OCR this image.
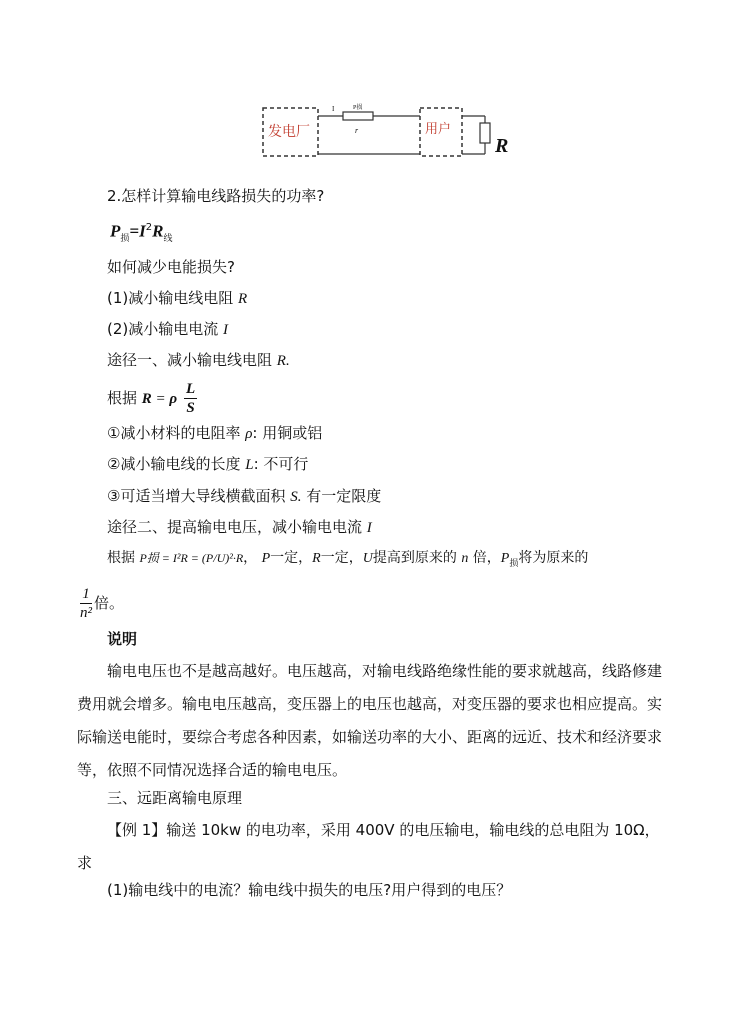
发电厂	用户
I	P损
r
R
2.怎样计算输电线路损失的功率?
$P_损=I^2R_线$
如何减少电能损失?
(1)减小输电线电阻 R
(2)减小输电电流 I
途径一、减小输电线电阻 R.
根据 R = ρ $\frac{L}{S}$
①减小材料的电阻率 ρ: 用铜或铝
②减小输电线的长度 L: 不可行
③可适当增大导线横截面积 S. 有一定限度
途径二、提高输电电压，减小输电电流 I
根据 P损 = I²R = (P/U)²·R， P一定，R一定，U提高到原来的 n 倍，$P_损$将为原来的
$\frac{1}{\text{n²}}$ 倍。
说明
输电电压也不是越高越好。电压越高，对输电线路绝缘性能的要求就越高，线路修建费用就会增多。输电电压越高，变压器上的电压也越高，对变压器的要求也相应提高。实际输送电能时，要综合考虑各种因素，如输送功率的大小、距离的远近、技术和经济要求等，依照不同情况选择合适的输电电压。
三、远距离输电原理
【例 1】输送 10kw 的电功率，采用 400V 的电压输电，输电线的总电阻为 10Ω，求
(1)输电线中的电流？输电线中损失的电压?用户得到的电压？
